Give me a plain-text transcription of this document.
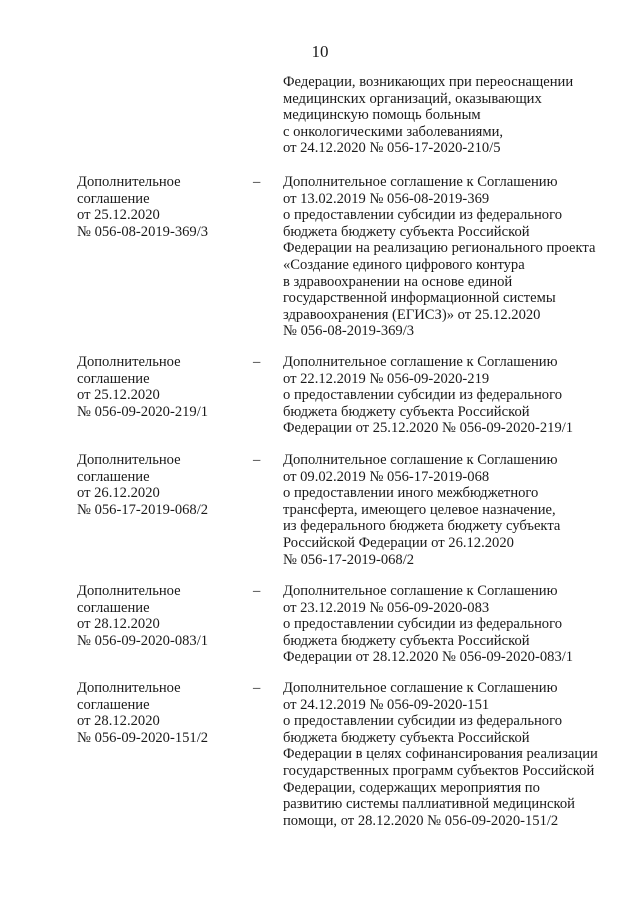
10
Федерации, возникающих при переоснащении
медицинских организаций, оказывающих
медицинскую помощь больным
с онкологическими заболеваниями,
от 24.12.2020 № 056-17-2020-210/5
Дополнительное
соглашение
от 25.12.2020
№ 056-08-2019-369/3
– Дополнительное соглашение к Соглашению
от 13.02.2019 № 056-08-2019-369
о предоставлении субсидии из федерального
бюджета бюджету субъекта Российской
Федерации на реализацию регионального проекта
«Создание единого цифрового контура
в здравоохранении на основе единой
государственной информационной системы
здравоохранения (ЕГИСЗ)» от 25.12.2020
№ 056-08-2019-369/3
Дополнительное
соглашение
от 25.12.2020
№ 056-09-2020-219/1
– Дополнительное соглашение к Соглашению
от 22.12.2019 № 056-09-2020-219
о предоставлении субсидии из федерального
бюджета бюджету субъекта Российской
Федерации от 25.12.2020 № 056-09-2020-219/1
Дополнительное
соглашение
от 26.12.2020
№ 056-17-2019-068/2
– Дополнительное соглашение к Соглашению
от 09.02.2019 № 056-17-2019-068
о предоставлении иного межбюджетного
трансферта, имеющего целевое назначение,
из федерального бюджета бюджету субъекта
Российской Федерации от 26.12.2020
№ 056-17-2019-068/2
Дополнительное
соглашение
от 28.12.2020
№ 056-09-2020-083/1
– Дополнительное соглашение к Соглашению
от 23.12.2019 № 056-09-2020-083
о предоставлении субсидии из федерального
бюджета бюджету субъекта Российской
Федерации от 28.12.2020 № 056-09-2020-083/1
Дополнительное
соглашение
от 28.12.2020
№ 056-09-2020-151/2
– Дополнительное соглашение к Соглашению
от 24.12.2019 № 056-09-2020-151
о предоставлении субсидии из федерального
бюджета бюджету субъекта Российской
Федерации в целях софинансирования реализации
государственных программ субъектов Российской
Федерации, содержащих мероприятия по
развитию системы паллиативной медицинской
помощи, от 28.12.2020 № 056-09-2020-151/2
